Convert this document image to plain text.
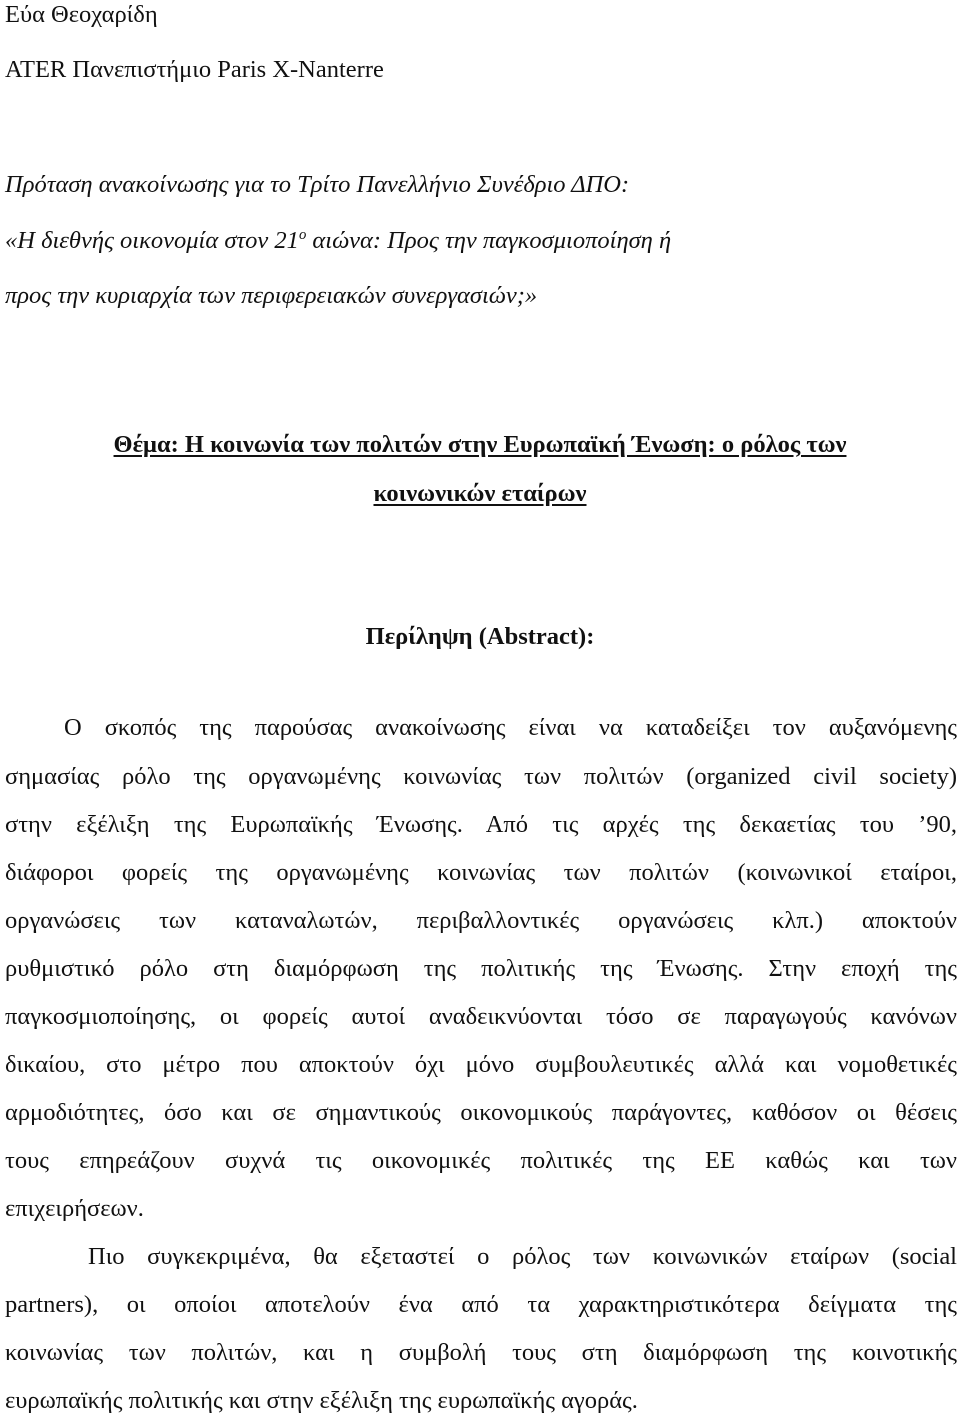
Εύα Θεοχαρίδη
ATER Πανεπιστήμιο Paris X-Nanterre
Πρόταση ανακοίνωσης για το Τρίτο Πανελλήνιο Συνέδριο ΔΠΟ:
«Η διεθνής οικονομία στον $21^o$ αιώνα: Προς την παγκοσμιοποίηση ή
προς την κυριαρχία των περιφερειακών συνεργασιών;»
Θέμα: Η κοινωνία των πολιτών στην Ευρωπαϊκή Ένωση: ο ρόλος των
κοινωνικών εταίρων
Περίληψη (Abstract):
Ο σκοπός της παρούσας ανακοίνωσης είναι να καταδείξει τον αυξανόμενης
σημασίας ρόλο της οργανωμένης κοινωνίας των πολιτών (organized civil society)
στην εξέλιξη της Ευρωπαϊκής Ένωσης. Από τις αρχές της δεκαετίας του ’90,
διάφοροι φορείς της οργανωμένης κοινωνίας των πολιτών (κοινωνικοί εταίροι,
οργανώσεις των καταναλωτών, περιβαλλοντικές οργανώσεις κλπ.) αποκτούν
ρυθμιστικό ρόλο στη διαμόρφωση της πολιτικής της Ένωσης. Στην εποχή της
παγκοσμιοποίησης, οι φορείς αυτοί αναδεικνύονται τόσο σε παραγωγούς κανόνων
δικαίου, στο μέτρο που αποκτούν όχι μόνο συμβουλευτικές αλλά και νομοθετικές
αρμοδιότητες, όσο και σε σημαντικούς οικονομικούς παράγοντες, καθόσον οι θέσεις
τους επηρεάζουν συχνά τις οικονομικές πολιτικές της ΕΕ καθώς και των
επιχειρήσεων.
Πιο συγκεκριμένα, θα εξεταστεί ο ρόλος των κοινωνικών εταίρων (social
partners), οι οποίοι αποτελούν ένα από τα χαρακτηριστικότερα δείγματα της
κοινωνίας των πολιτών, και η συμβολή τους στη διαμόρφωση της κοινοτικής
ευρωπαϊκής πολιτικής και στην εξέλιξη της ευρωπαϊκής αγοράς.
